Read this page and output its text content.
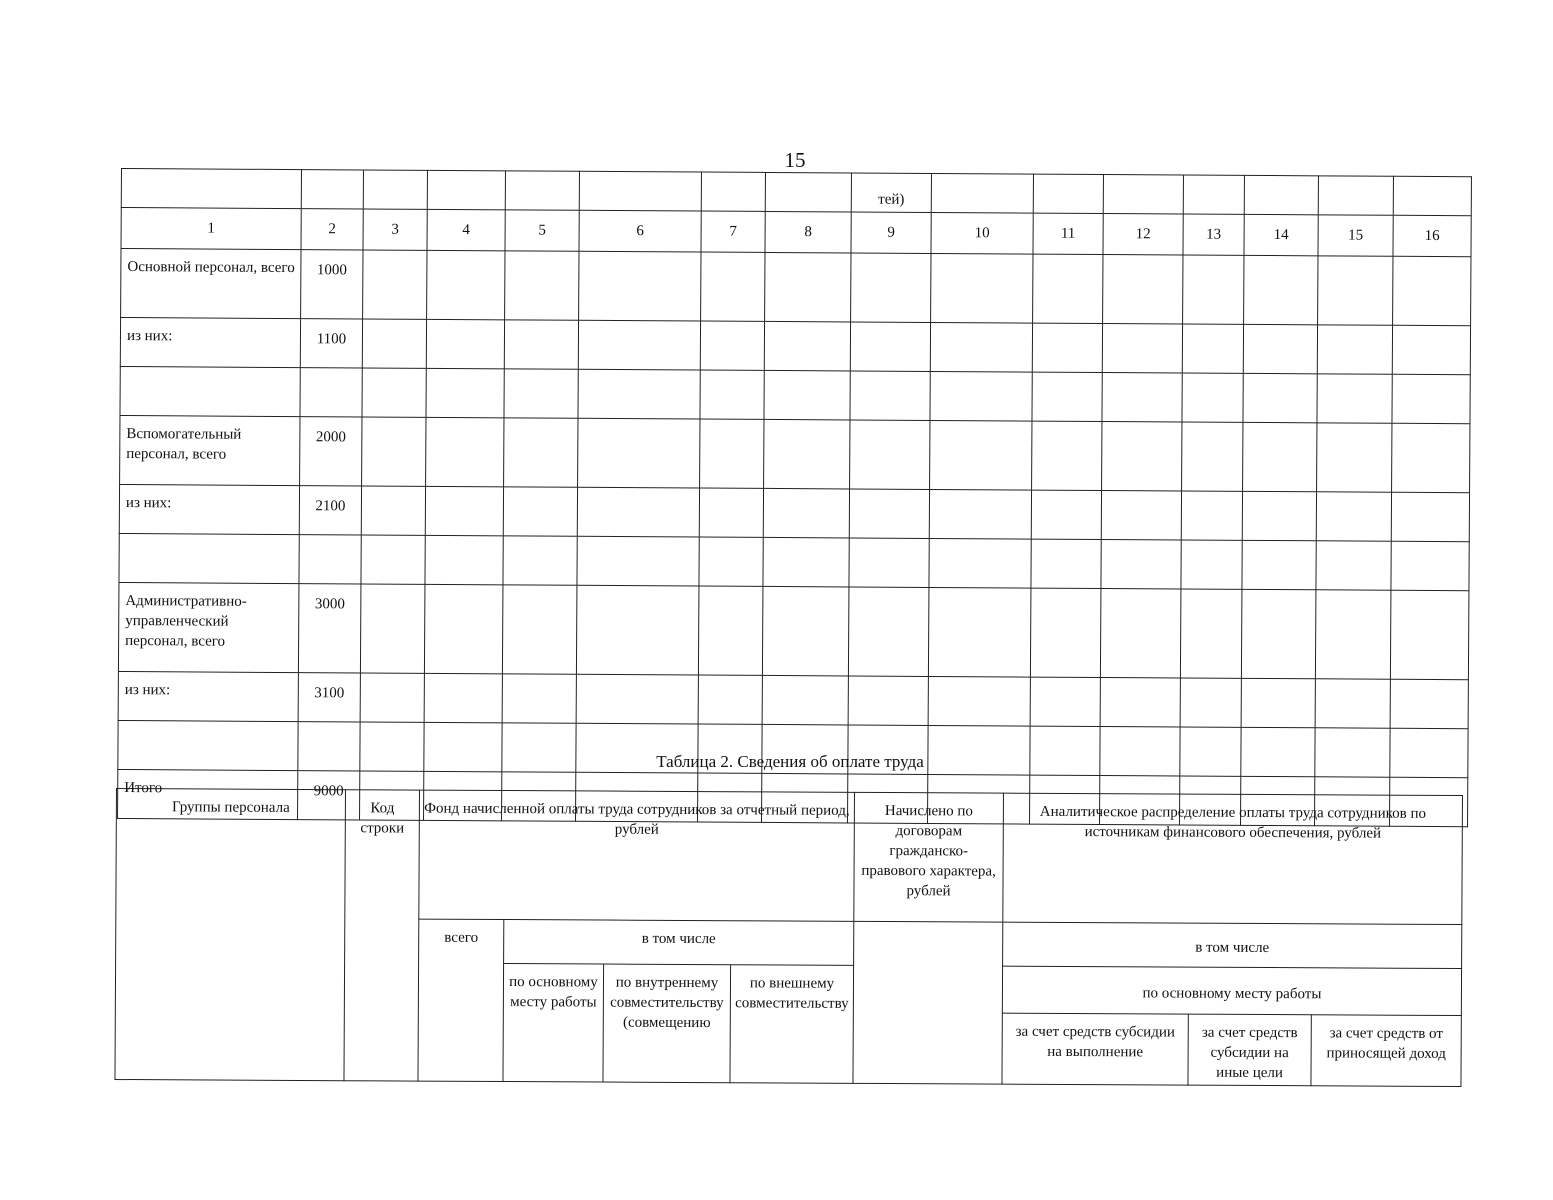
15
								тей)							
1	2	3	4	5	6	7	8	9	10	11	12	13	14	15	16
Основной персонал, всего	1000														
из них:	1100														

Вспомогательный персонал, всего	2000														
из них:	2100														

Административно-управленческий персонал, всего	3000														
из них:	3100														

Итого	9000														
Таблица 2. Сведения об оплате труда
Группы персонала	Код строки	Фонд начисленной оплаты труда сотрудников за отчетный период, рублей				Начислено по договорам гражданско-правового характера, рублей	Аналитическое распределение оплаты труда сотрудников по источникам финансового обеспечения, рублей		
		всего	в том числе				в том числе		
			по основному месту работы	по внутреннему совместительству (совмещению	по внешнему совместительству		по основному месту работы		
							за счет средств субсидии на выполнение	за счет средств субсидии на иные цели	за счет средств от приносящей доход
